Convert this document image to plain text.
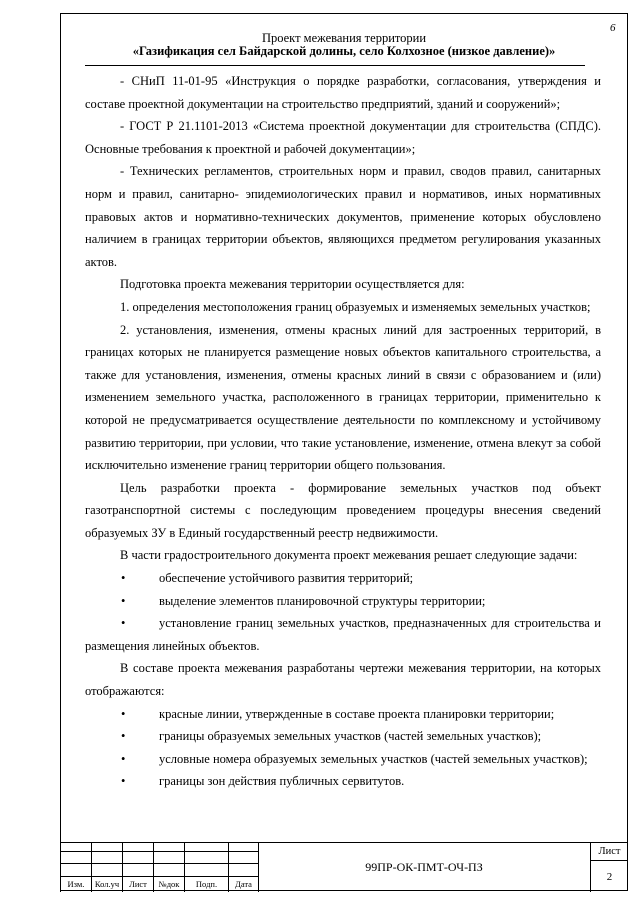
6
Проект межевания территории
«Газификация сел Байдарской долины, село Колхозное (низкое давление)»

- СНиП 11-01-95 «Инструкция о порядке разработки, согласования, утверждения и составе проектной документации на строительство предприятий, зданий и сооружений»;

- ГОСТ Р 21.1101-2013 «Система проектной документации для строительства (СПДС). Основные требования к проектной и рабочей документации»;

- Технических регламентов, строительных норм и правил, сводов правил, санитарных норм и правил, санитарно- эпидемиологических правил и нормативов, иных нормативных правовых актов и нормативно-технических документов, применение которых обусловлено наличием в границах территории объектов, являющихся предметом регулирования указанных актов.

Подготовка проекта межевания территории осуществляется для:

1. определения местоположения границ образуемых и изменяемых земельных участков;

2. установления, изменения, отмены красных линий для застроенных территорий, в границах которых не планируется размещение новых объектов капитального строительства, а также для установления, изменения, отмены красных линий в связи с образованием и (или) изменением земельного участка, расположенного в границах территории, применительно к которой не предусматривается осуществление деятельности по комплексному и устойчивому развитию территории, при условии, что такие установление, изменение, отмена влекут за собой исключительно изменение границ территории общего пользования.

Цель разработки проекта - формирование земельных участков под объект газотранспортной системы с последующим проведением процедуры внесения сведений образуемых ЗУ в Единый государственный реестр недвижимости.

В части градостроительного документа проект межевания решает следующие задачи:

•	обеспечение устойчивого развития территорий;

•	выделение элементов планировочной структуры территории;

•	установление границ земельных участков, предназначенных для строительства и размещения линейных объектов.

В составе проекта межевания разработаны чертежи межевания территории, на которых отображаются:

•	красные линии, утвержденные в составе проекта планировки территории;

•	границы образуемых земельных участков (частей земельных участков);

•	условные номера образуемых земельных участков (частей земельных участков);

•	границы зон действия публичных сервитутов.

Изм.	Кол.уч	Лист	№док	Подп.	Дата
99ПР-ОК-ПМТ-ОЧ-ПЗ
Лист
2
